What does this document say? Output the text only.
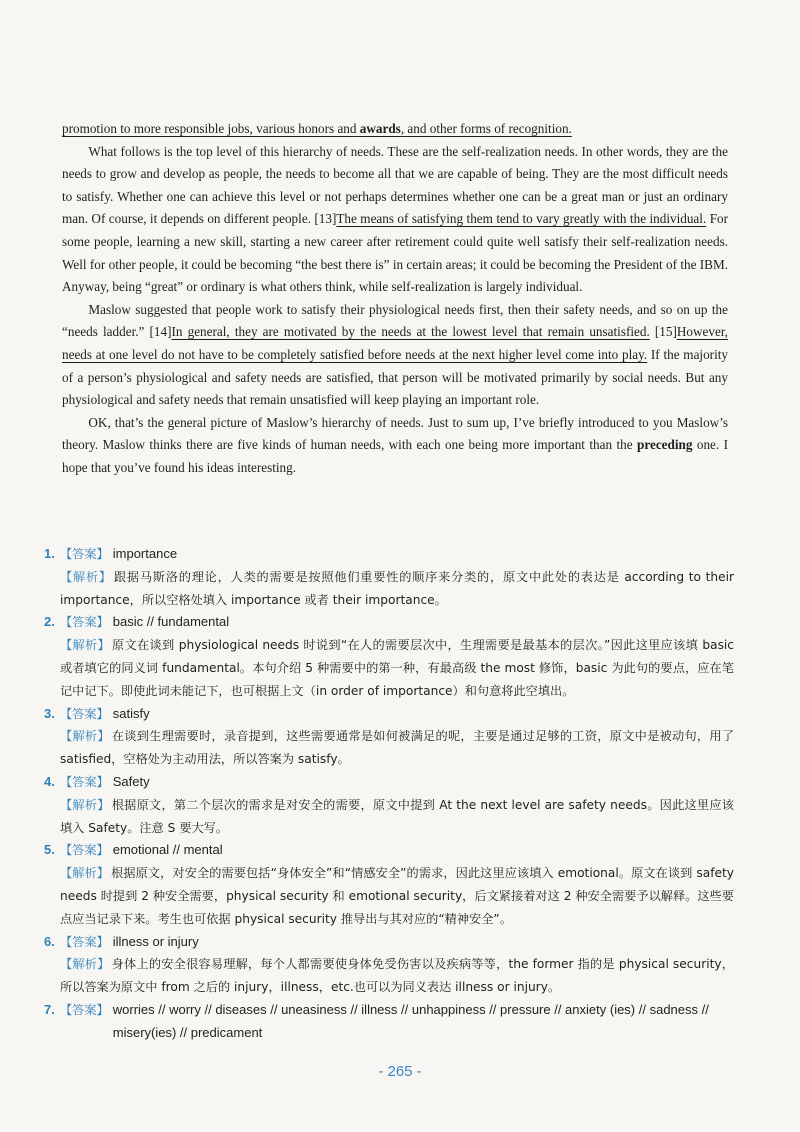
promotion to more responsible jobs, various honors and awards, and other forms of recognition.

What follows is the top level of this hierarchy of needs. These are the self-realization needs. In other words, they are the needs to grow and develop as people, the needs to become all that we are capable of being. They are the most difficult needs to satisfy. Whether one can achieve this level or not perhaps determines whether one can be a great man or just an ordinary man. Of course, it depends on different people. [13]The means of satisfying them tend to vary greatly with the individual. For some people, learning a new skill, starting a new career after retirement could quite well satisfy their self-realization needs. Well for other people, it could be becoming “the best there is” in certain areas; it could be becoming the President of the IBM. Anyway, being “great” or ordinary is what others think, while self-realization is largely individual.

Maslow suggested that people work to satisfy their physiological needs first, then their safety needs, and so on up the “needs ladder.” [14]In general, they are motivated by the needs at the lowest level that remain unsatisfied. [15]However, needs at one level do not have to be completely satisfied before needs at the next higher level come into play. If the majority of a person’s physiological and safety needs are satisfied, that person will be motivated primarily by social needs. But any physiological and safety needs that remain unsatisfied will keep playing an important role.

OK, that’s the general picture of Maslow’s hierarchy of needs. Just to sum up, I’ve briefly introduced to you Maslow’s theory. Maslow thinks there are five kinds of human needs, with each one being more important than the preceding one. I hope that you’ve found his ideas interesting.

1. 【答案】 importance
【解析】 跟据马斯洛的理论，人类的需要是按照他们重要性的顺序来分类的，原文中此处的表达是 according to their importance，所以空格处填入 importance 或者 their importance。
2. 【答案】 basic // fundamental
【解析】 原文在谈到 physiological needs 时说到“在人的需要层次中，生理需要是最基本的层次。”因此这里应该填 basic 或者填它的同义词 fundamental。本句介绍 5 种需要中的第一种，有最高级 the most 修饰，basic 为此句的要点，应在笔记中记下。即使此词未能记下，也可根据上文（in order of importance）和句意将此空填出。
3. 【答案】 satisfy
【解析】 在谈到生理需要时，录音提到，这些需要通常是如何被满足的呢，主要是通过足够的工资，原文中是被动句，用了 satisfied，空格处为主动用法，所以答案为 satisfy。
4. 【答案】 Safety
【解析】 根据原文，第二个层次的需求是对安全的需要，原文中提到 At the next level are safety needs。因此这里应该填入 Safety。注意 S 要大写。
5. 【答案】 emotional // mental
【解析】 根据原文，对安全的需要包括“身体安全”和“情感安全”的需求，因此这里应该填入 emotional。原文在谈到 safety needs 时提到 2 种安全需要，physical security 和 emotional security，后文紧接着对这 2 种安全需要予以解释。这些要点应当记录下来。考生也可依据 physical security 推导出与其对应的“精神安全”。
6. 【答案】 illness or injury
【解析】 身体上的安全很容易理解，每个人都需要使身体免受伤害以及疾病等等，the former 指的是 physical security，所以答案为原文中 from 之后的 injury，illness，etc.也可以为同义表达 illness or injury。
7. 【答案】 worries // worry // diseases // uneasiness // illness // unhappiness // pressure // anxiety (ies) // sadness // misery(ies) // predicament
- 265 -
